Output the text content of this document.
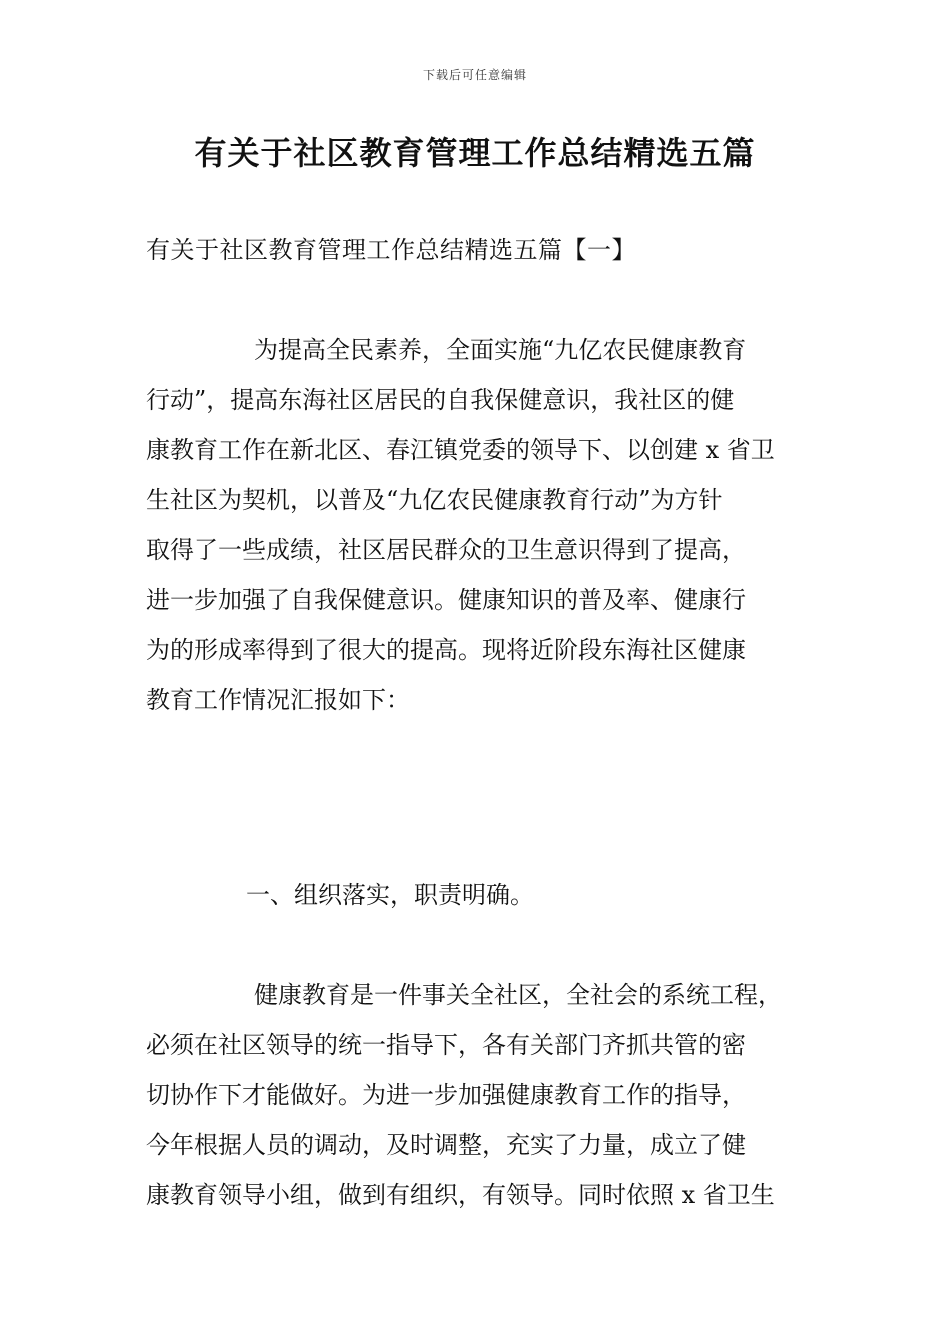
下载后可任意编辑
有关于社区教育管理工作总结精选五篇
有关于社区教育管理工作总结精选五篇【一】
为提高全民素养，全面实施“九亿农民健康教育
行动”，提高东海社区居民的自我保健意识，我社区的健
康教育工作在新北区、春江镇党委的领导下、以创建 x 省卫
生社区为契机，以普及“九亿农民健康教育行动”为方针
取得了一些成绩，社区居民群众的卫生意识得到了提高，
进一步加强了自我保健意识。健康知识的普及率、健康行
为的形成率得到了很大的提高。现将近阶段东海社区健康
教育工作情况汇报如下：
一、组织落实，职责明确。
健康教育是一件事关全社区，全社会的系统工程，
必须在社区领导的统一指导下，各有关部门齐抓共管的密
切协作下才能做好。为进一步加强健康教育工作的指导，
今年根据人员的调动，及时调整，充实了力量，成立了健
康教育领导小组，做到有组织，有领导。同时依照 x 省卫生
